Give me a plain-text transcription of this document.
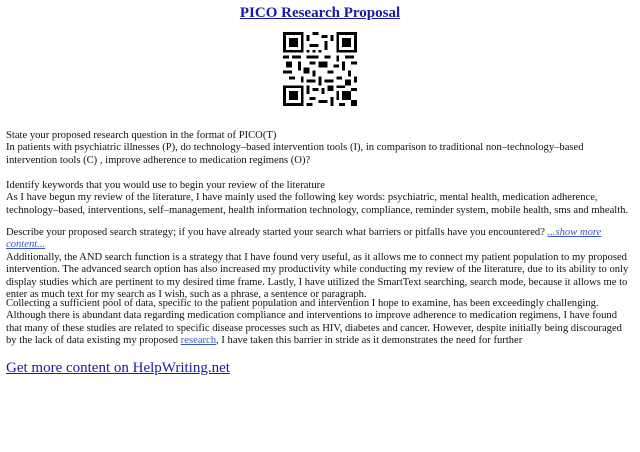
PICO Research Proposal
State your proposed research question in the format of PICO(T)
In patients with psychiatric illnesses (P), do technology–based intervention tools (I), in comparison to traditional non–technology–based intervention tools (C) , improve adherence to medication regimens (O)?
Identify keywords that you would use to begin your review of the literature
As I have begun my review of the literature, I have mainly used the following key words: psychiatric, mental health, medication adherence, technology–based, interventions, self–management, health information technology, compliance, reminder system, mobile health, sms and mhealth.
Describe your proposed search strategy; if you have already started your search what barriers or pitfalls have you encountered? ...show more content...
Additionally, the AND search function is a strategy that I have found very useful, as it allows me to connect my patient population to my proposed intervention. The advanced search option has also increased my productivity while conducting my review of the literature, due to its ability to only display studies which are pertinent to my desired time frame. Lastly, I have utilized the SmartText searching, search mode, because it allows me to enter as much text for my search as I wish, such as a phrase, a sentence or paragraph.
Collecting a sufficient pool of data, specific to the patient population and intervention I hope to examine, has been exceedingly challenging. Although there is abundant data regarding medication compliance and interventions to improve adherence to medication regimens, I have found that many of these studies are related to specific disease processes such as HIV, diabetes and cancer. However, despite initially being discouraged by the lack of data existing my proposed research, I have taken this barrier in stride as it demonstrates the need for further
Get more content on HelpWriting.net
